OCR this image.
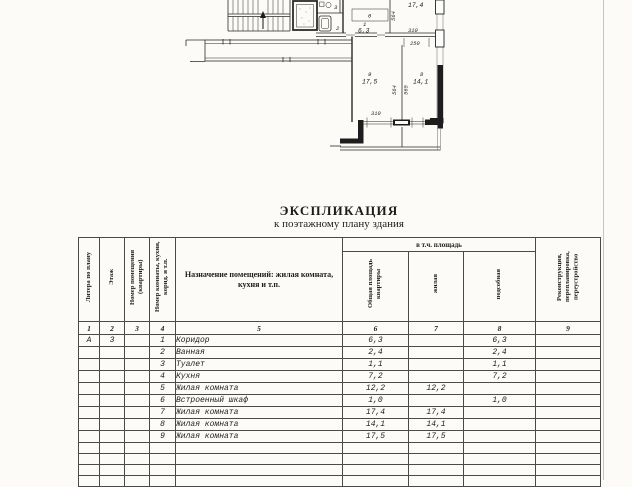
3
2
6
1
6,3
17,4
564
310
250
9
17,5
8
14,1
564 565
310
ЭКСПЛИКАЦИЯ
к поэтажному плану здания
Литера по плану	Этаж	Номер помещения (квартиры)	Номер комнаты, кухни, корид. и т.п.	Назначение помещений: жилая комната, кухня и т.п.	в т.ч. площадь			Реконструкция, перепланировка, переустройство
					Общая площадь квартиры	жилая	подсобная	
1	2	3	4	5	6	7	8	9
А	3		1	Коридор	6,3		6,3	
			2	Ванная	2,4		2,4	
			3	Туалет	1,1		1,1	
			4	Кухня	7,2		7,2	
			5	Жилая комната	12,2	12,2		
			6	Встроенный шкаф	1,0		1,0	
			7	Жилая комната	17,4	17,4		
			8	Жилая комната	14,1	14,1		
			9	Жилая комната	17,5	17,5		
